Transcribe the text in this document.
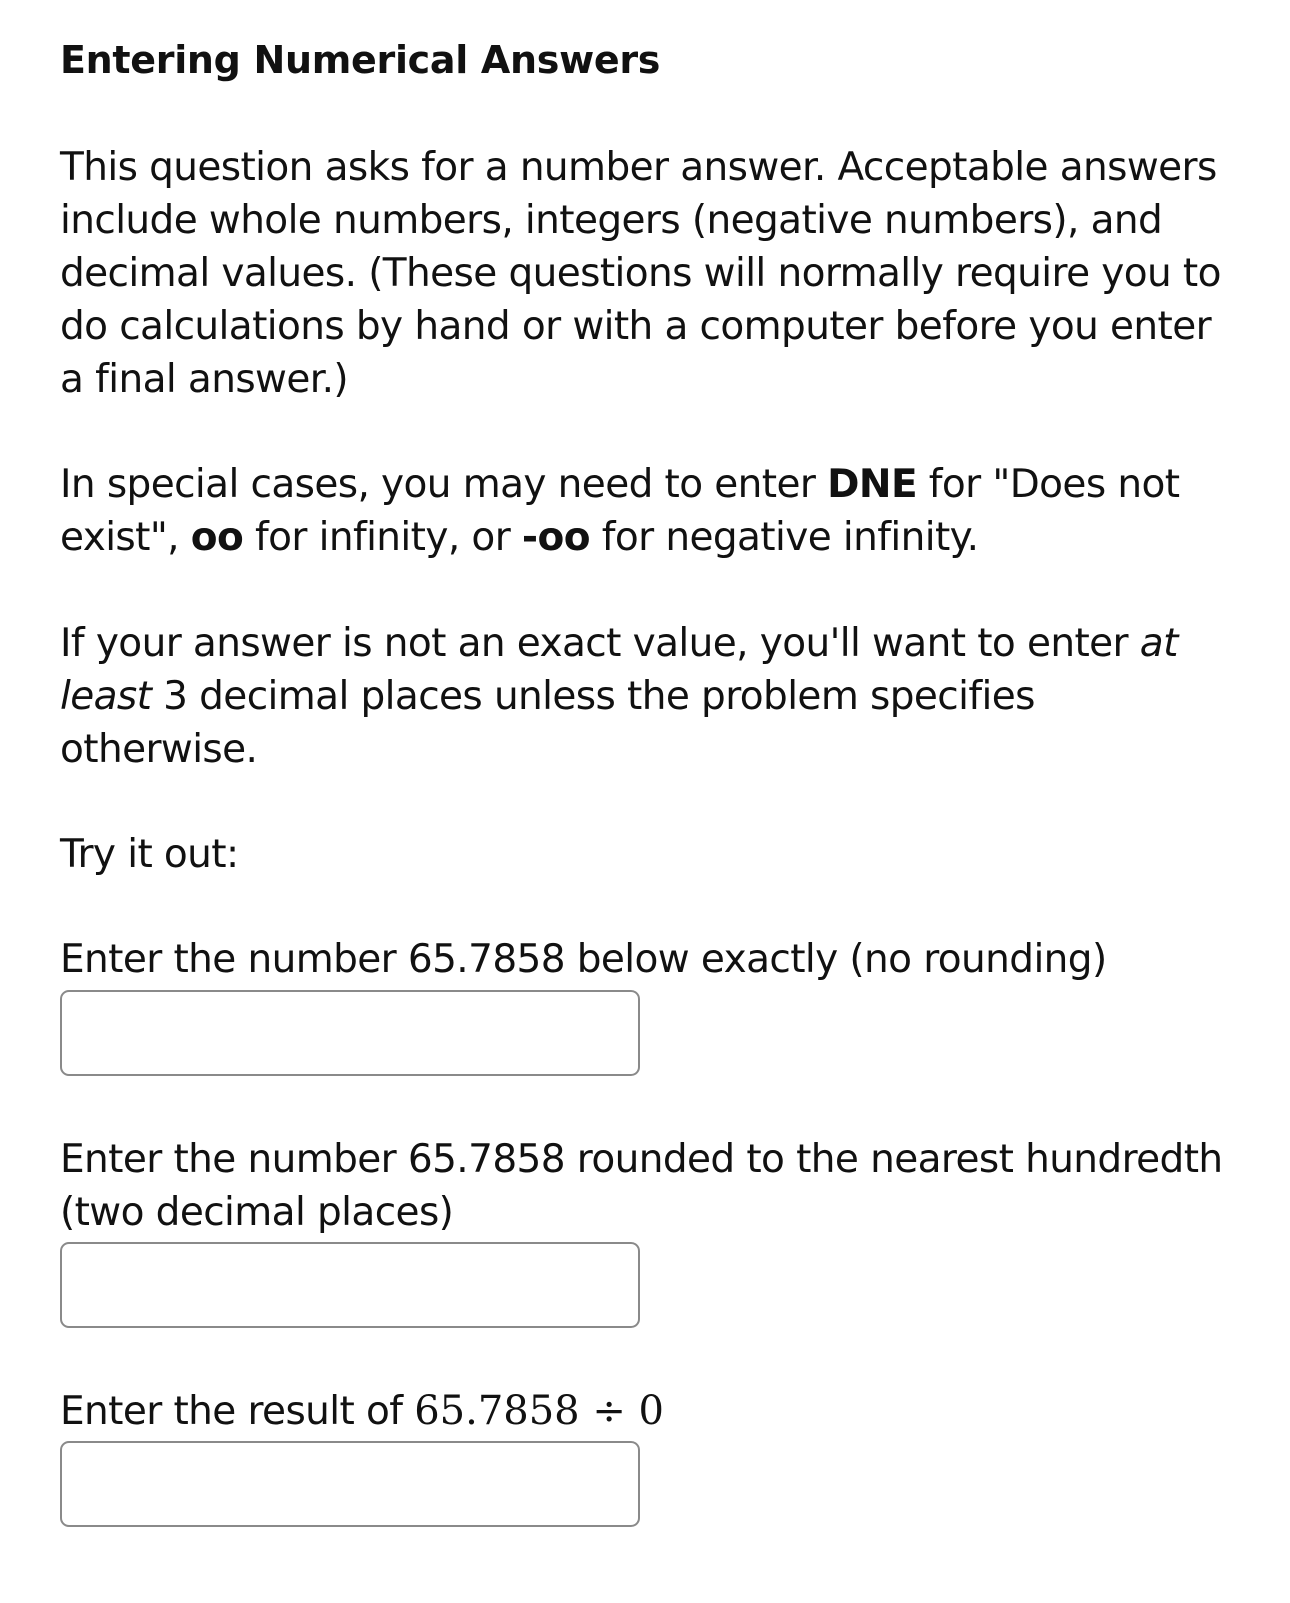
Entering Numerical Answers

This question asks for a number answer. Acceptable answers include whole numbers, integers (negative numbers), and decimal values. (These questions will normally require you to do calculations by hand or with a computer before you enter a final answer.)

In special cases, you may need to enter DNE for "Does not exist", oo for infinity, or -oo for negative infinity.

If your answer is not an exact value, you'll want to enter at least 3 decimal places unless the problem specifies otherwise.

Try it out:

Enter the number 65.7858 below exactly (no rounding)

Enter the number 65.7858 rounded to the nearest hundredth (two decimal places)

Enter the result of 65.7858 ÷ 0
